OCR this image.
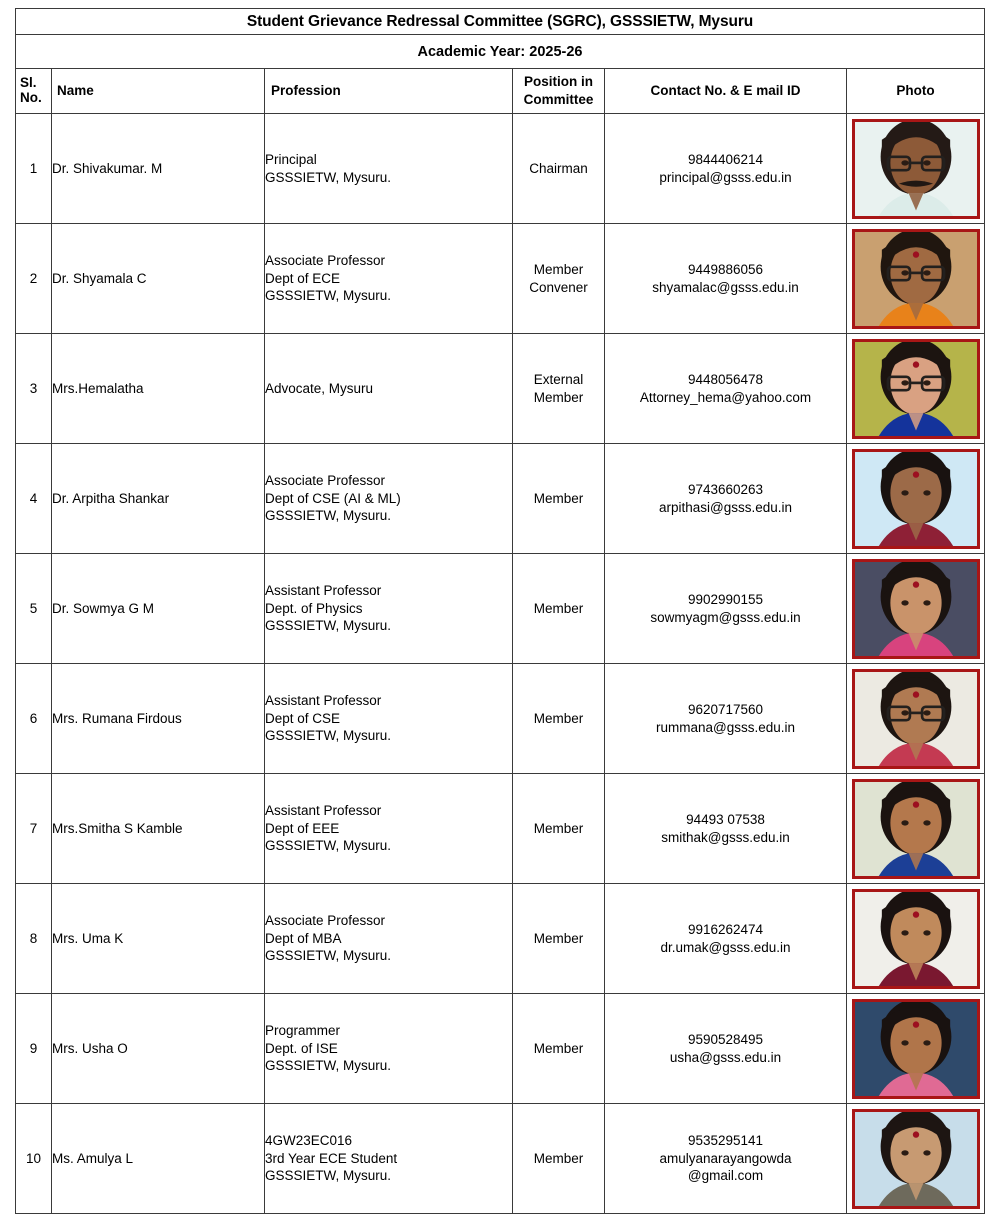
Student Grievance Redressal Committee (SGRC), GSSSIETW, Mysuru					
Academic Year: 2025-26					
Sl.
No.	Name	Profession	Position in
Committee	Contact No. & E mail ID	Photo
1	Dr. Shivakumar. M	Principal
GSSSIETW, Mysuru.	Chairman	9844406214
principal@gsss.edu.in

2	Dr. Shyamala C	Associate Professor
Dept of ECE
GSSSIETW, Mysuru.	Member
Convener	9449886056
shyamalac@gsss.edu.in

3	Mrs.Hemalatha	Advocate, Mysuru	External
Member	9448056478
Attorney_hema@yahoo.com

4	Dr. Arpitha Shankar	Associate Professor
Dept of CSE (AI & ML)
GSSSIETW, Mysuru.	Member	9743660263
arpithasi@gsss.edu.in

5	Dr. Sowmya G M	Assistant Professor
Dept. of Physics
GSSSIETW, Mysuru.	Member	9902990155
sowmyagm@gsss.edu.in

6	Mrs. Rumana Firdous	Assistant Professor
Dept of CSE
GSSSIETW, Mysuru.	Member	9620717560
rummana@gsss.edu.in

7	Mrs.Smitha S Kamble	Assistant Professor
Dept of EEE
GSSSIETW, Mysuru.	Member	94493 07538
smithak@gsss.edu.in

8	Mrs. Uma K	Associate Professor
Dept of MBA
GSSSIETW, Mysuru.	Member	9916262474
dr.umak@gsss.edu.in

9	Mrs. Usha O	Programmer
Dept. of ISE
GSSSIETW, Mysuru.	Member	9590528495
usha@gsss.edu.in

10	Ms. Amulya L	4GW23EC016
3rd Year ECE Student
GSSSIETW, Mysuru.	Member	9535295141
amulyanarayangowda
@gmail.com
